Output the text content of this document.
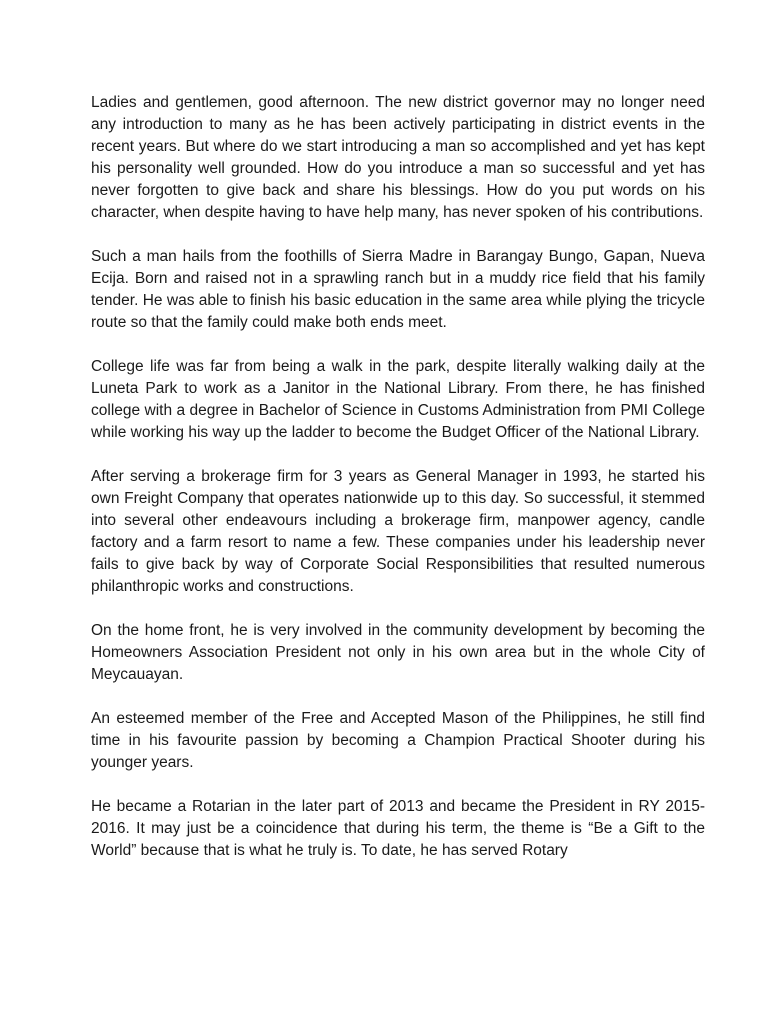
Ladies and gentlemen, good afternoon. The new district governor may no longer need any introduction to many as he has been actively participating in district events in the recent years. But where do we start introducing a man so accomplished and yet has kept his personality well grounded. How do you introduce a man so successful and yet has never forgotten to give back and share his blessings. How do you put words on his character, when despite having to have help many, has never spoken of his contributions.

Such a man hails from the foothills of Sierra Madre in Barangay Bungo, Gapan, Nueva Ecija. Born and raised not in a sprawling ranch but in a muddy rice field that his family tender. He was able to finish his basic education in the same area while plying the tricycle route so that the family could make both ends meet.

College life was far from being a walk in the park, despite literally walking daily at the Luneta Park to work as a Janitor in the National Library. From there, he has finished college with a degree in Bachelor of Science in Customs Administration from PMI College while working his way up the ladder to become the Budget Officer of the National Library.

After serving a brokerage firm for 3 years as General Manager in 1993, he started his own Freight Company that operates nationwide up to this day. So successful, it stemmed into several other endeavours including a brokerage firm, manpower agency, candle factory and a farm resort to name a few. These companies under his leadership never fails to give back by way of Corporate Social Responsibilities that resulted numerous philanthropic works and constructions.

On the home front, he is very involved in the community development by becoming the Homeowners Association President not only in his own area but in the whole City of Meycauayan.

An esteemed member of the Free and Accepted Mason of the Philippines, he still find time in his favourite passion by becoming a Champion Practical Shooter during his younger years.

He became a Rotarian in the later part of 2013 and became the President in RY 2015-2016. It may just be a coincidence that during his term, the theme is “Be a Gift to the World” because that is what he truly is. To date, he has served Rotary
